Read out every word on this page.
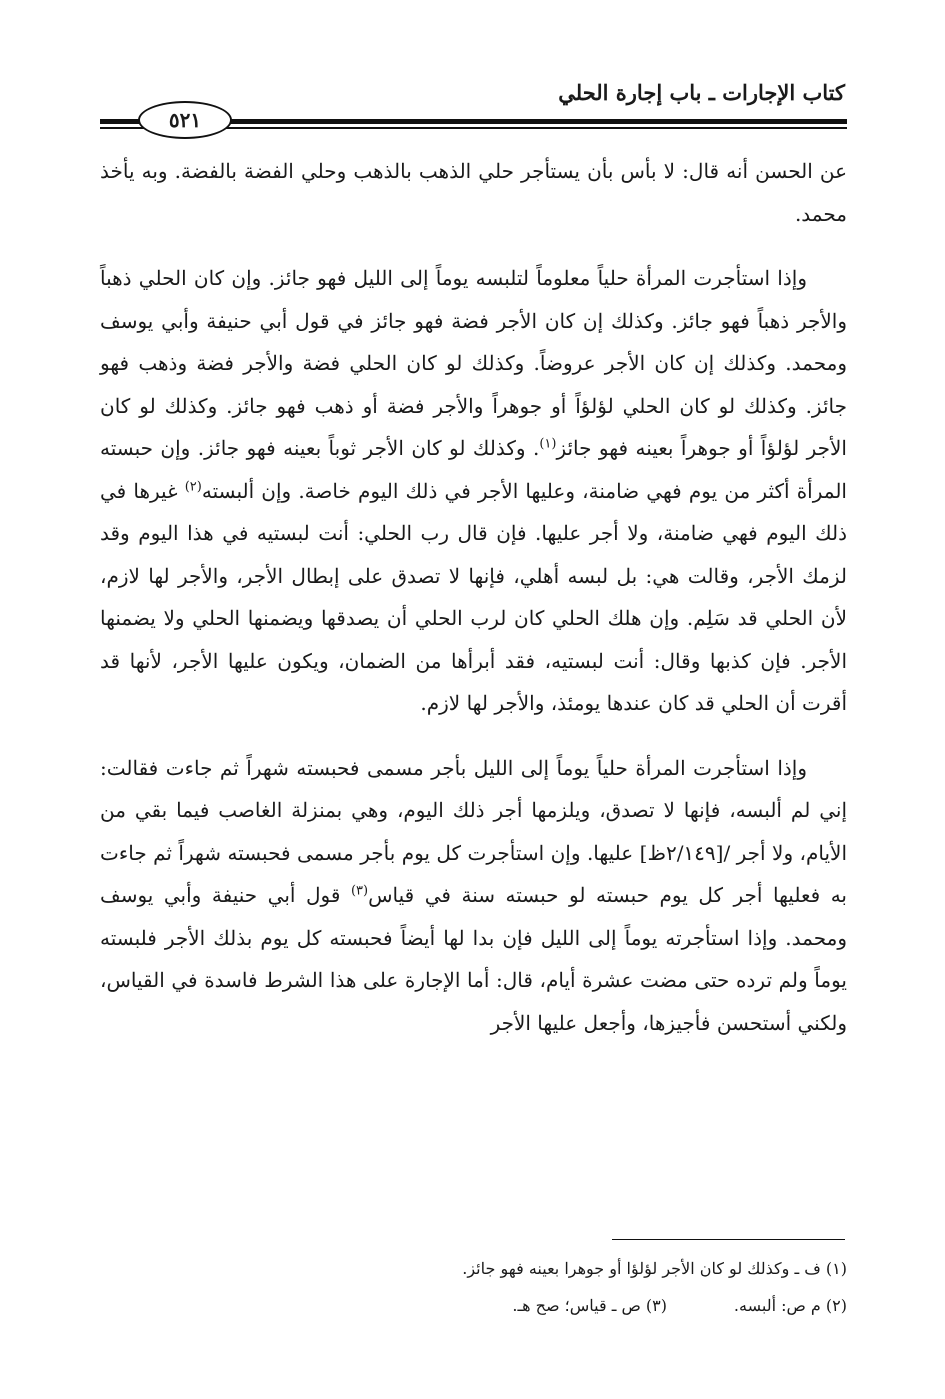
كتاب الإجارات ـ باب إجارة الحلي
٥٢١

عن الحسن أنه قال: لا بأس بأن يستأجر حلي الذهب بالذهب وحلي الفضة بالفضة. وبه يأخذ محمد.

وإذا استأجرت المرأة حلياً معلوماً لتلبسه يوماً إلى الليل فهو جائز. وإن كان الحلي ذهباً والأجر ذهباً فهو جائز. وكذلك إن كان الأجر فضة فهو جائز في قول أبي حنيفة وأبي يوسف ومحمد. وكذلك إن كان الأجر عروضاً. وكذلك لو كان الحلي فضة والأجر فضة وذهب فهو جائز. وكذلك لو كان الحلي لؤلؤاً أو جوهراً والأجر فضة أو ذهب فهو جائز. وكذلك لو كان الأجر لؤلؤاً أو جوهراً بعينه فهو جائز$^{(١)}$. وكذلك لو كان الأجر ثوباً بعينه فهو جائز. وإن حبسته المرأة أكثر من يوم فهي ضامنة، وعليها الأجر في ذلك اليوم خاصة. وإن ألبسته$^{(٢)}$ غيرها في ذلك اليوم فهي ضامنة، ولا أجر عليها. فإن قال رب الحلي: أنت لبستيه في هذا اليوم وقد لزمك الأجر، وقالت هي: بل لبسه أهلي، فإنها لا تصدق على إبطال الأجر، والأجر لها لازم، لأن الحلي قد سَلِم. وإن هلك الحلي كان لرب الحلي أن يصدقها ويضمنها الحلي ولا يضمنها الأجر. فإن كذبها وقال: أنت لبستيه، فقد أبرأها من الضمان، ويكون عليها الأجر، لأنها قد أقرت أن الحلي قد كان عندها يومئذ، والأجر لها لازم.

وإذا استأجرت المرأة حلياً يوماً إلى الليل بأجر مسمى فحبسته شهراً ثم جاءت فقالت: إني لم ألبسه، فإنها لا تصدق، ويلزمها أجر ذلك اليوم، وهي بمنزلة الغاصب فيما بقي من الأيام، ولا أجر /[٢/١٤٩ظ] عليها. وإن استأجرت كل يوم بأجر مسمى فحبسته شهراً ثم جاءت به فعليها أجر كل يوم حبسته لو حبسته سنة في قياس$^{(٣)}$ قول أبي حنيفة وأبي يوسف ومحمد. وإذا استأجرته يوماً إلى الليل فإن بدا لها أيضاً فحبسته كل يوم بذلك الأجر فلبسته يوماً ولم ترده حتى مضت عشرة أيام، قال: أما الإجارة على هذا الشرط فاسدة في القياس، ولكني أستحسن فأجيزها، وأجعل عليها الأجر

(١) ف ـ وكذلك لو كان الأجر لؤلؤا أو جوهرا بعينه فهو جائز.
(٢) م ص: ألبسه.
(٣) ص ـ قياس؛ صح هـ.
